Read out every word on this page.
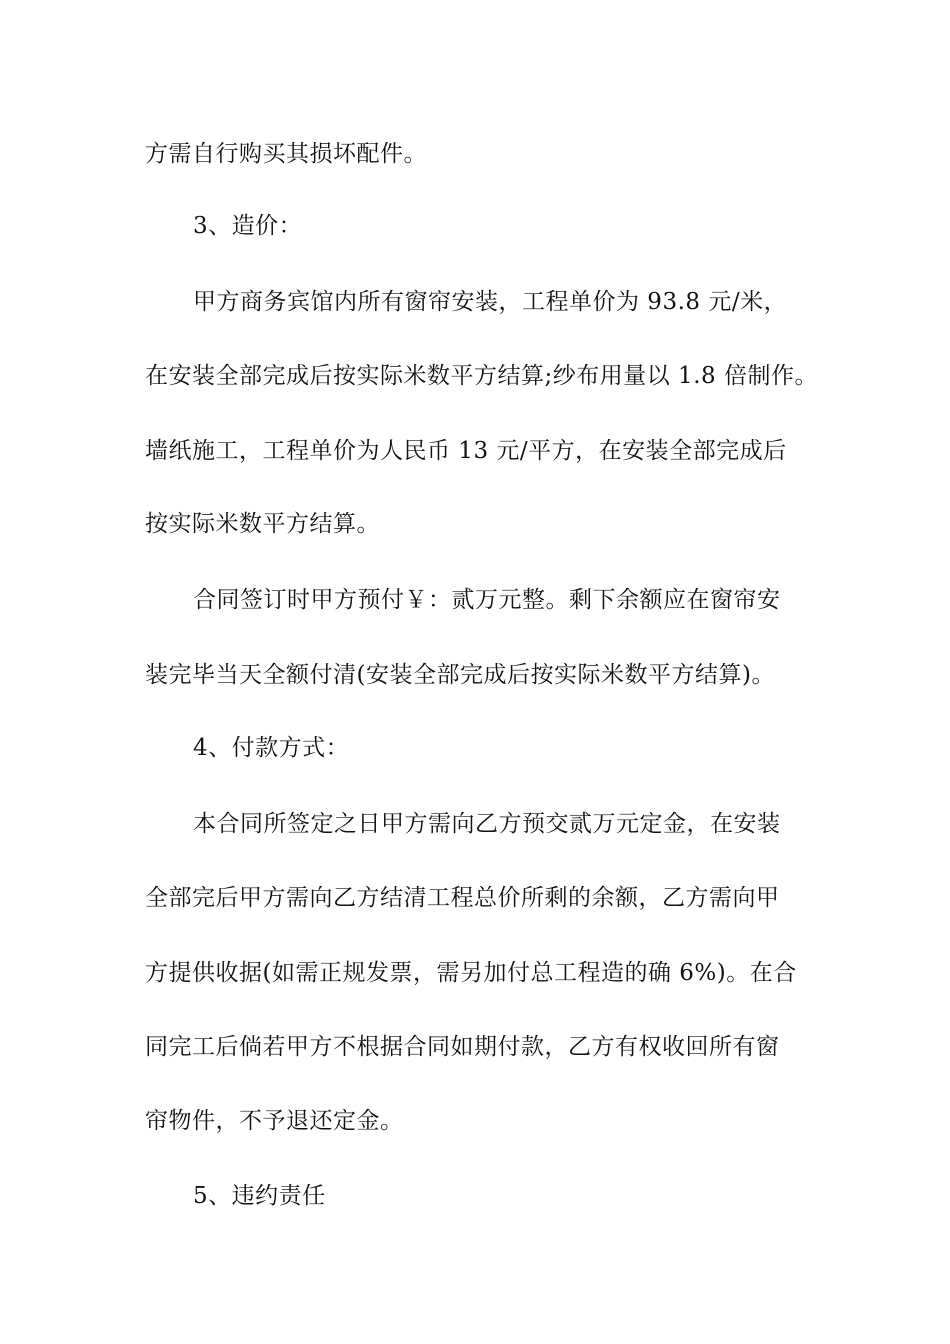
方需自行购买其损坏配件。
3、造价：
甲方商务宾馆内所有窗帘安装，工程单价为 93.8 元/米，
在安装全部完成后按实际米数平方结算;纱布用量以 1.8 倍制作。
墙纸施工，工程单价为人民币 13 元/平方，在安装全部完成后
按实际米数平方结算。
合同签订时甲方预付￥：贰万元整。剩下余额应在窗帘安
装完毕当天全额付清(安装全部完成后按实际米数平方结算)。
4、付款方式：
本合同所签定之日甲方需向乙方预交贰万元定金，在安装
全部完后甲方需向乙方结清工程总价所剩的余额，乙方需向甲
方提供收据(如需正规发票，需另加付总工程造的确 6%)。在合
同完工后倘若甲方不根据合同如期付款，乙方有权收回所有窗
帘物件，不予退还定金。
5、违约责任
